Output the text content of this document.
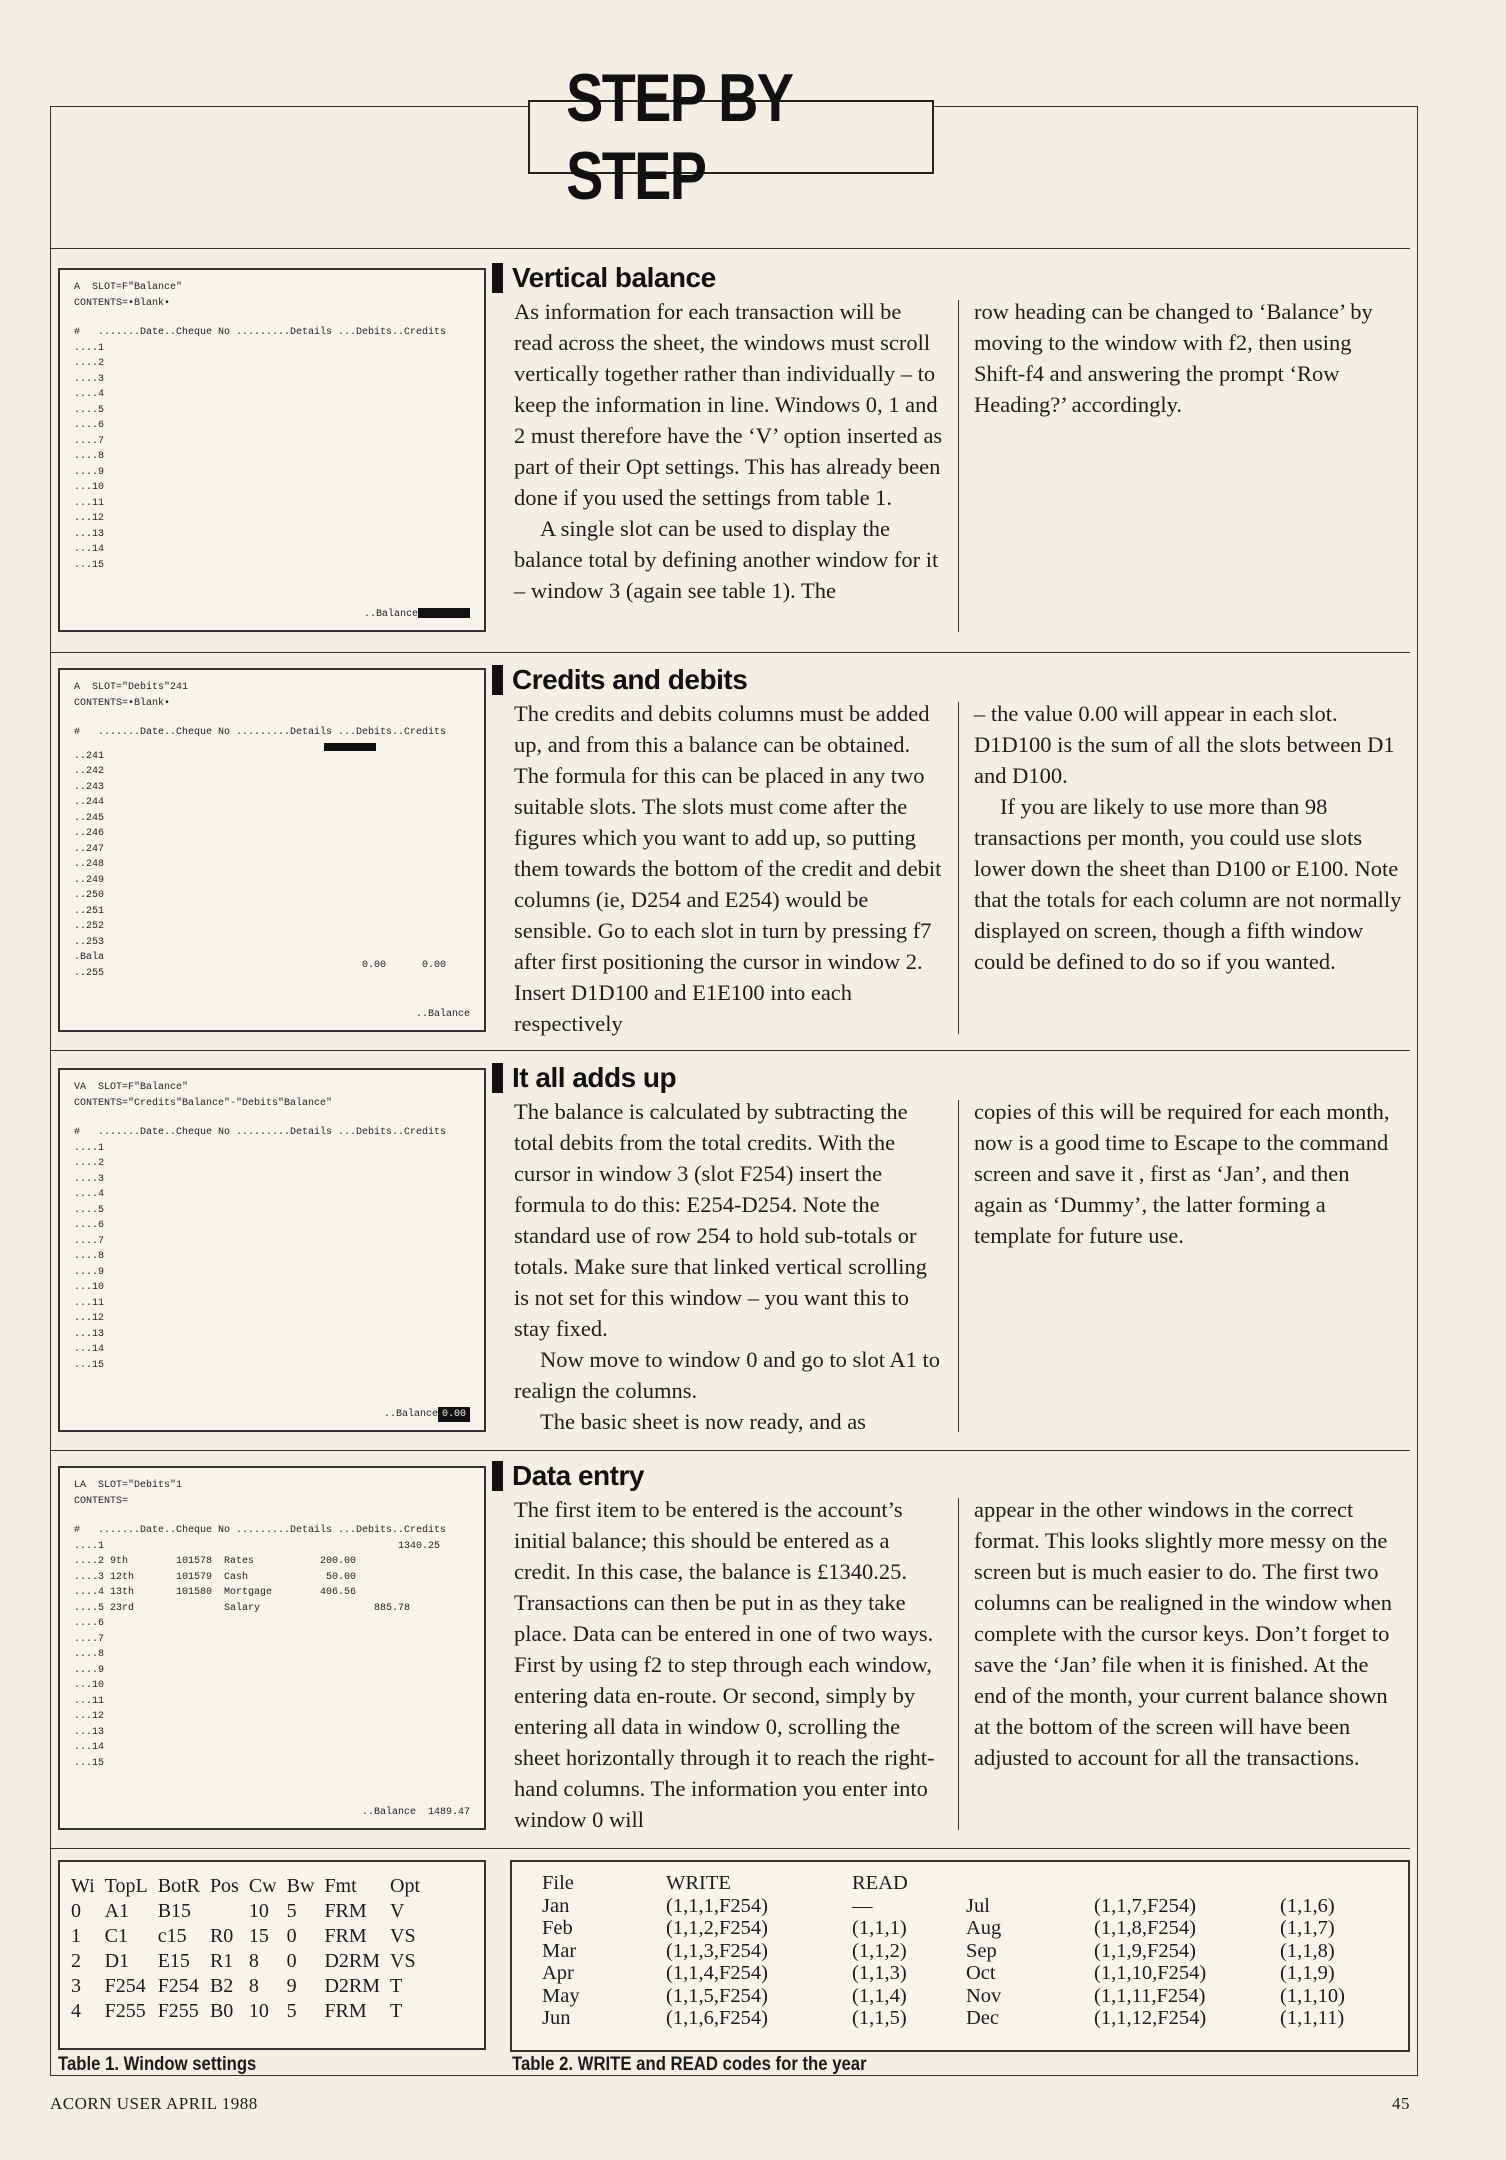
STEP BY STEP
A  SLOT=F"Balance"
CONTENTS=•Blank•
#   .......Date..Cheque No .........Details ...Debits..Credits
....1
....2
....3
....4
....5
....6
....7
....8
....9
...10
...11
...12
...13
...14
...15
..Balance
Vertical balance

As information for each transaction will be read across the sheet, the windows must scroll vertically together rather than individually – to keep the information in line. Windows 0, 1 and 2 must therefore have the ‘V’ option inserted as part of their Opt settings. This has already been done if you used the settings from table 1.

A single slot can be used to display the balance total by defining another window for it – window 3 (again see table 1). The

row heading can be changed to ‘Balance’ by moving to the window with f2, then using Shift-f4 and answering the prompt ‘Row Heading?’ accordingly.

A  SLOT="Debits"241
CONTENTS=•Blank•
#   .......Date..Cheque No .........Details ...Debits..Credits
..241
..242
..243
..244
..245
..246
..247
..248
..249
..250
..251
..252
..253
.Bala
..255
0.00      0.00
..Balance
Credits and debits

The credits and debits columns must be added up, and from this a balance can be obtained. The formula for this can be placed in any two suitable slots. The slots must come after the figures which you want to add up, so putting them towards the bottom of the credit and debit columns (ie, D254 and E254) would be sensible. Go to each slot in turn by pressing f7 after first positioning the cursor in window 2. Insert D1D100 and E1E100 into each respectively

– the value 0.00 will appear in each slot. D1D100 is the sum of all the slots between D1 and D100.

If you are likely to use more than 98 transactions per month, you could use slots lower down the sheet than D100 or E100. Note that the totals for each column are not normally displayed on screen, though a fifth window could be defined to do so if you wanted.

VA  SLOT=F"Balance"
CONTENTS="Credits"Balance"-"Debits"Balance"
#   .......Date..Cheque No .........Details ...Debits..Credits
....1
....2
....3
....4
....5
....6
....7
....8
....9
...10
...11
...12
...13
...14
...15
..Balance 0.00
It all adds up

The balance is calculated by subtracting the total debits from the total credits. With the cursor in window 3 (slot F254) insert the formula to do this: E254-D254. Note the standard use of row 254 to hold sub-totals or totals. Make sure that linked vertical scrolling is not set for this window – you want this to stay fixed.

Now move to window 0 and go to slot A1 to realign the columns.

The basic sheet is now ready, and as

copies of this will be required for each month, now is a good time to Escape to the command screen and save it , first as ‘Jan’, and then again as ‘Dummy’, the latter forming a template for future use.

LA  SLOT="Debits"1
CONTENTS=
#   .......Date..Cheque No .........Details ...Debits..Credits
....1                                                 1340.25
....2 9th        101578  Rates           200.00
....3 12th       101579  Cash             50.00
....4 13th       101580  Mortgage        406.56
....5 23rd               Salary                   885.78
....6
....7
....8
....9
...10
...11
...12
...13
...14
...15
..Balance  1489.47
Data entry

The first item to be entered is the account’s initial balance; this should be entered as a credit. In this case, the balance is £1340.25. Transactions can then be put in as they take place. Data can be entered in one of two ways. First by using f2 to step through each window, entering data en-route. Or second, simply by entering all data in window 0, scrolling the sheet horizontally through it to reach the right-hand columns. The information you enter into window 0 will

appear in the other windows in the correct format. This looks slightly more messy on the screen but is much easier to do. The first two columns can be realigned in the window when complete with the cursor keys. Don’t forget to save the ‘Jan’ file when it is finished. At the end of the month, your current balance shown at the bottom of the screen will have been adjusted to account for all the transactions.

Wi	TopL	BotR	Pos	Cw	Bw	Fmt	Opt
0	A1	B15		10	5	FRM	V
1	C1	c15	R0	15	0	FRM	VS
2	D1	E15	R1	8	0	D2RM	VS
3	F254	F254	B2	8	9	D2RM	T
4	F255	F255	B0	10	5	FRM	T
Table 1. Window settings
File	WRITE	READ			
Jan	(1,1,1,F254)	—	Jul	(1,1,7,F254)	(1,1,6)
Feb	(1,1,2,F254)	(1,1,1)	Aug	(1,1,8,F254)	(1,1,7)
Mar	(1,1,3,F254)	(1,1,2)	Sep	(1,1,9,F254)	(1,1,8)
Apr	(1,1,4,F254)	(1,1,3)	Oct	(1,1,10,F254)	(1,1,9)
May	(1,1,5,F254)	(1,1,4)	Nov	(1,1,11,F254)	(1,1,10)
Jun	(1,1,6,F254)	(1,1,5)	Dec	(1,1,12,F254)	(1,1,11)
Table 2. WRITE and READ codes for the year
ACORN USER APRIL 1988	45
